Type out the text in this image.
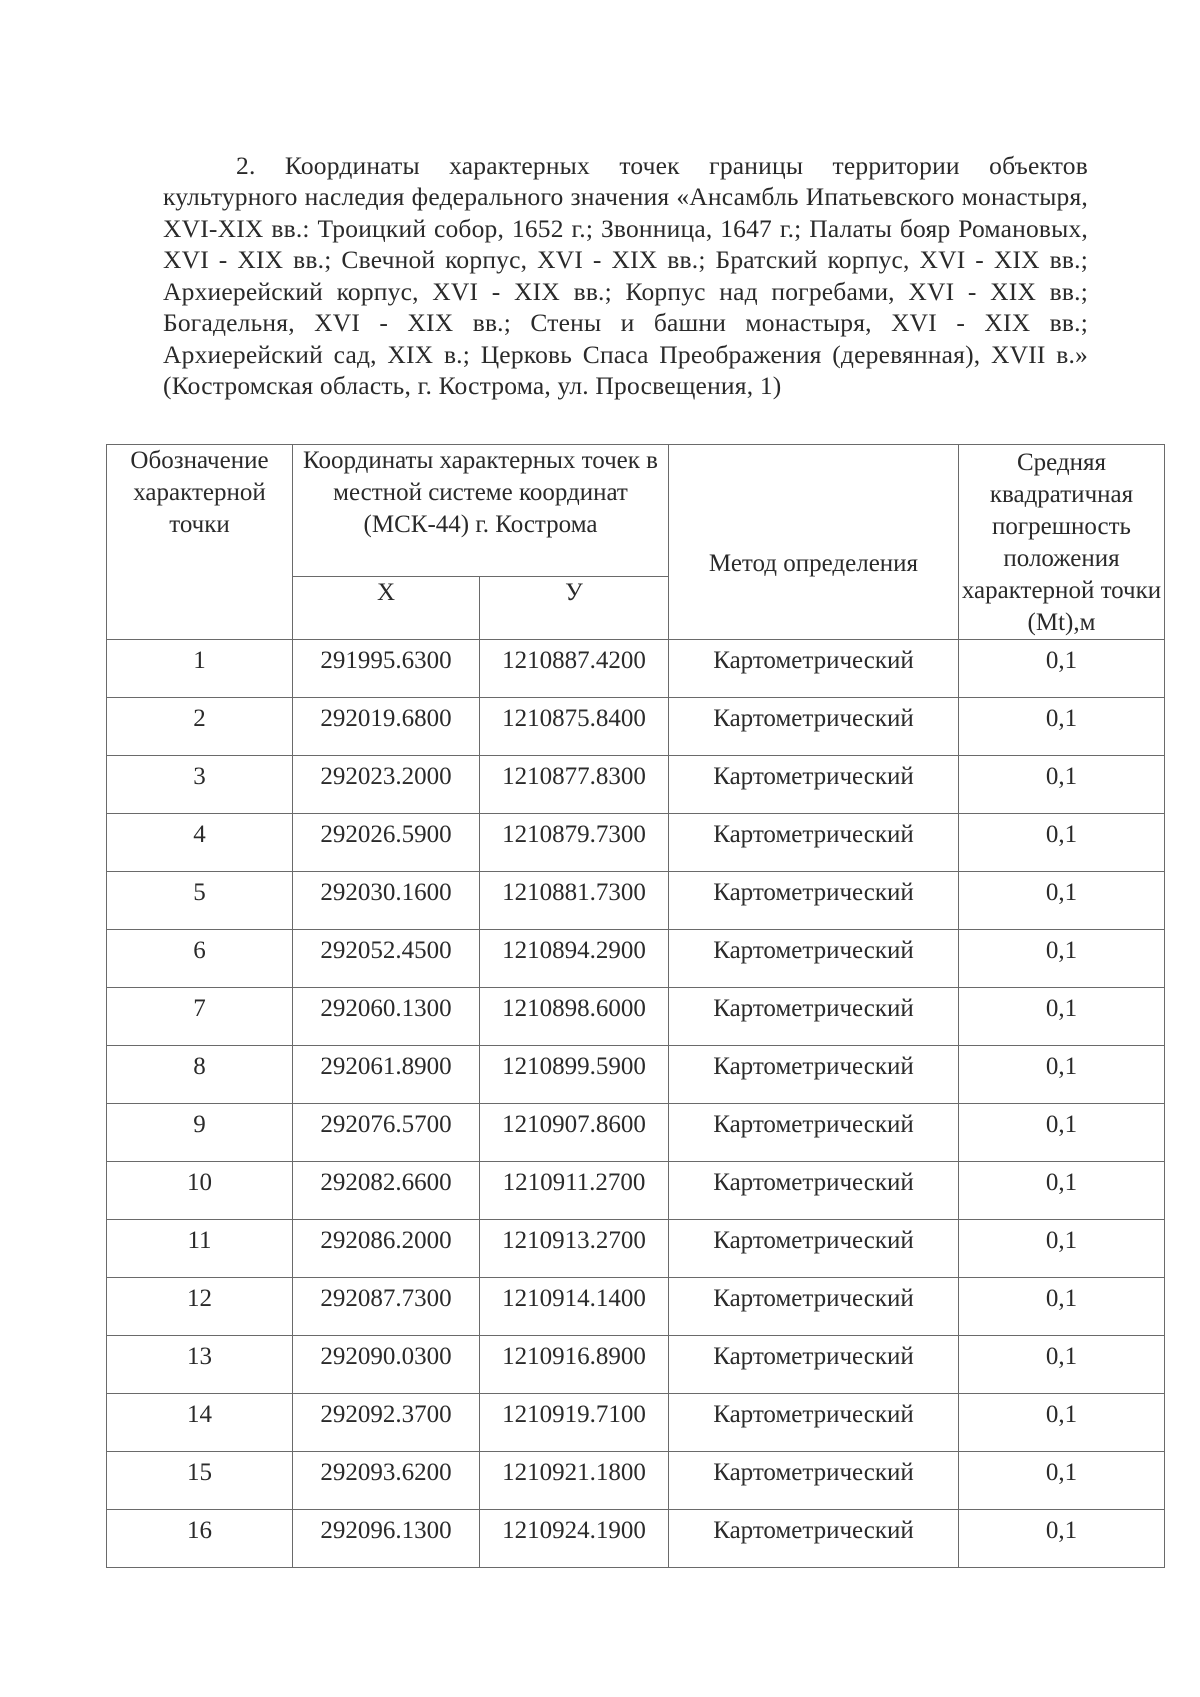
2. Координаты характерных точек границы территории объектов культурного наследия федерального значения «Ансамбль Ипатьевского монастыря, XVI-XIX вв.: Троицкий собор, 1652 г.; Звонница, 1647 г.; Палаты бояр Романовых, XVI - XIX вв.; Свечной корпус, XVI - XIX вв.; Братский корпус, XVI - XIX вв.; Архиерейский корпус, XVI - XIX вв.; Корпус над погребами, XVI - XIX вв.; Богадельня, XVI - XIX вв.; Стены и башни монастыря, XVI - XIX вв.; Архиерейский сад, XIX в.; Церковь Спаса Преображения (деревянная), XVII в.» (Костромская область, г. Кострома, ул. Просвещения, 1)

Обозначение характерной точки	Координаты характерных точек в местной системе координат (МСК-44) г. Кострома		Метод определения	Средняя квадратичная погрешность положения характерной точки (Mt),м
	X	У		
1	291995.6300	1210887.4200	Картометрический	0,1
2	292019.6800	1210875.8400	Картометрический	0,1
3	292023.2000	1210877.8300	Картометрический	0,1
4	292026.5900	1210879.7300	Картометрический	0,1
5	292030.1600	1210881.7300	Картометрический	0,1
6	292052.4500	1210894.2900	Картометрический	0,1
7	292060.1300	1210898.6000	Картометрический	0,1
8	292061.8900	1210899.5900	Картометрический	0,1
9	292076.5700	1210907.8600	Картометрический	0,1
10	292082.6600	1210911.2700	Картометрический	0,1
11	292086.2000	1210913.2700	Картометрический	0,1
12	292087.7300	1210914.1400	Картометрический	0,1
13	292090.0300	1210916.8900	Картометрический	0,1
14	292092.3700	1210919.7100	Картометрический	0,1
15	292093.6200	1210921.1800	Картометрический	0,1
16	292096.1300	1210924.1900	Картометрический	0,1
